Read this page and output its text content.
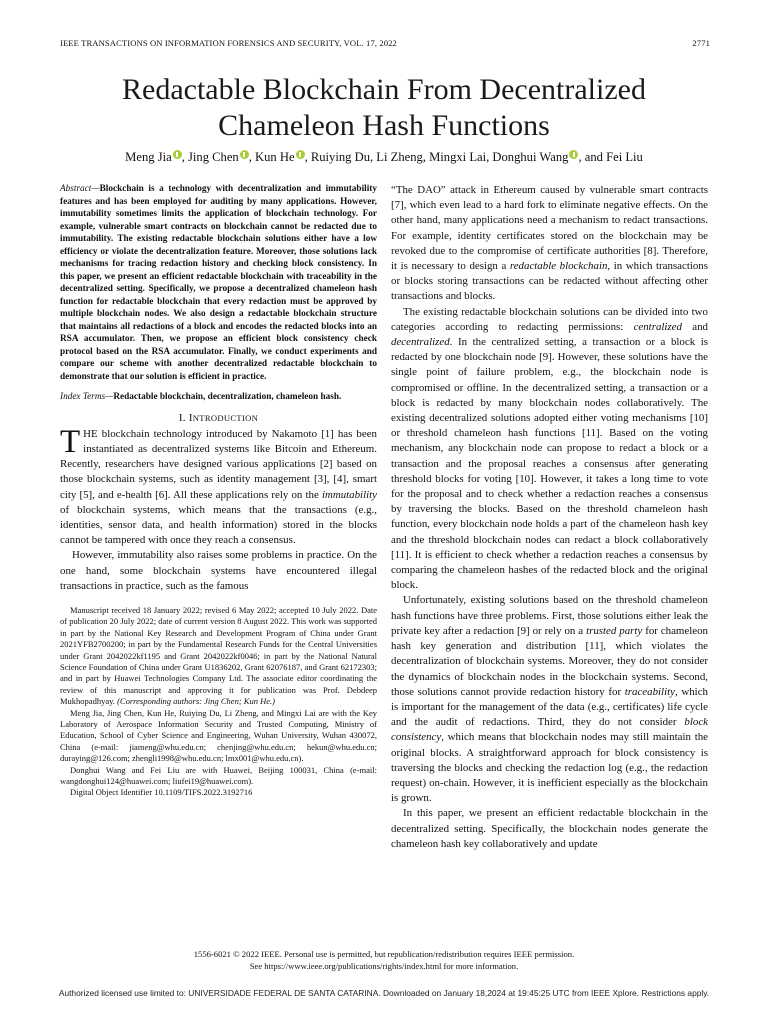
IEEE TRANSACTIONS ON INFORMATION FORENSICS AND SECURITY, VOL. 17, 2022	2771
Redactable Blockchain From Decentralized
Chameleon Hash Functions
Meng Jia , Jing Chen , Kun He , Ruiying Du, Li Zheng, Mingxi Lai, Donghui Wang , and Fei Liu

Abstract—Blockchain is a technology with decentralization and immutability features and has been employed for auditing by many applications. However, immutability sometimes limits the application of blockchain technology. For example, vulnerable smart contracts on blockchain cannot be redacted due to immutability. The existing redactable blockchain solutions either have a low efficiency or violate the decentralization feature. Moreover, those solutions lack mechanisms for tracing redaction history and checking block consistency. In this paper, we present an efficient redactable blockchain with traceability in the decentralized setting. Specifically, we propose a decentralized chameleon hash function for redactable blockchain that every redaction must be approved by multiple blockchain nodes. We also design a redactable blockchain structure that maintains all redactions of a block and encodes the redacted blocks into an RSA accumulator. Then, we propose an efficient block consistency check protocol based on the RSA accumulator. Finally, we conduct experiments and compare our scheme with another decentralized redactable blockchain to demonstrate that our solution is efficient in practice.

Index Terms—Redactable blockchain, decentralization, chameleon hash.

I. INTRODUCTION

THE blockchain technology introduced by Nakamoto [1] has been instantiated as decentralized systems like Bitcoin and Ethereum. Recently, researchers have designed various applications [2] based on those blockchain systems, such as identity management [3], [4], smart city [5], and e-health [6]. All these applications rely on the immutability of blockchain systems, which means that the transactions (e.g., identities, sensor data, and health information) stored in the blocks cannot be tampered with once they reach a consensus.

However, immutability also raises some problems in practice. On the one hand, some blockchain systems have encountered illegal transactions in practice, such as the famous

Manuscript received 18 January 2022; revised 6 May 2022; accepted 10 July 2022. Date of publication 20 July 2022; date of current version 8 August 2022. This work was supported in part by the National Key Research and Development Program of China under Grant 2021YFB2700200; in part by the Fundamental Research Funds for the Central Universities under Grant 2042022kf1195 and Grant 2042022kf0046; in part by the National Natural Science Foundation of China under Grant U1836202, Grant 62076187, and Grant 62172303; and in part by Huawei Technologies Company Ltd. The associate editor coordinating the review of this manuscript and approving it for publication was Prof. Debdeep Mukhopadhyay. (Corresponding authors: Jing Chen; Kun He.)

Meng Jia, Jing Chen, Kun He, Ruiying Du, Li Zheng, and Mingxi Lai are with the Key Laboratory of Aerospace Information Security and Trusted Computing, Ministry of Education, School of Cyber Science and Engineering, Wuhan University, Wuhan 430072, China (e-mail: jiameng@whu.edu.cn; chenjing@whu.edu.cn; hekun@whu.edu.cn; duraying@126.com; zhengli1998@whu.edu.cn; lmx001@whu.edu.cn).

Donghui Wang and Fei Liu are with Huawei, Beijing 100031, China (e-mail: wangdonghui124@huawei.com; liufei19@huawei.com).

Digital Object Identifier 10.1109/TIFS.2022.3192716

“The DAO” attack in Ethereum caused by vulnerable smart contracts [7], which even lead to a hard fork to eliminate negative effects. On the other hand, many applications need a mechanism to redact transactions. For example, identity certificates stored on the blockchain may be revoked due to the compromise of certificate authorities [8]. Therefore, it is necessary to design a redactable blockchain, in which transactions or blocks storing transactions can be redacted without affecting other transactions and blocks.

The existing redactable blockchain solutions can be divided into two categories according to redacting permissions: centralized and decentralized. In the centralized setting, a transaction or a block is redacted by one blockchain node [9]. However, these solutions have the single point of failure problem, e.g., the blockchain node is compromised or offline. In the decentralized setting, a transaction or a block is redacted by many blockchain nodes collaboratively. The existing decentralized solutions adopted either voting mechanisms [10] or threshold chameleon hash functions [11]. Based on the voting mechanism, any blockchain node can propose to redact a block or a transaction and the proposal reaches a consensus after generating threshold blocks for voting [10]. However, it takes a long time to vote for the proposal and to check whether a redaction reaches a consensus by traversing the blocks. Based on the threshold chameleon hash function, every blockchain node holds a part of the chameleon hash key and the threshold blockchain nodes can redact a block collaboratively [11]. It is efficient to check whether a redaction reaches a consensus by comparing the chameleon hashes of the redacted block and the original block.

Unfortunately, existing solutions based on the threshold chameleon hash functions have three problems. First, those solutions either leak the private key after a redaction [9] or rely on a trusted party for chameleon hash key generation and distribution [11], which violates the decentralization of blockchain systems. Moreover, they do not consider the dynamics of blockchain nodes in the blockchain systems. Second, those solutions cannot provide redaction history for traceability, which is important for the management of the data (e.g., certificates) life cycle and the audit of redactions. Third, they do not consider block consistency, which means that blockchain nodes may still maintain the original blocks. A straightforward approach for block consistency is traversing the blocks and checking the redaction log (e.g., the redaction request) on-chain. However, it is inefficient especially as the blockchain is grown.

In this paper, we present an efficient redactable blockchain in the decentralized setting. Specifically, the blockchain nodes generate the chameleon hash key collaboratively and update

1556-6021 © 2022 IEEE. Personal use is permitted, but republication/redistribution requires IEEE permission.
See https://www.ieee.org/publications/rights/index.html for more information.
Authorized licensed use limited to: UNIVERSIDADE FEDERAL DE SANTA CATARINA. Downloaded on January 18,2024 at 19:45:25 UTC from IEEE Xplore. Restrictions apply.
